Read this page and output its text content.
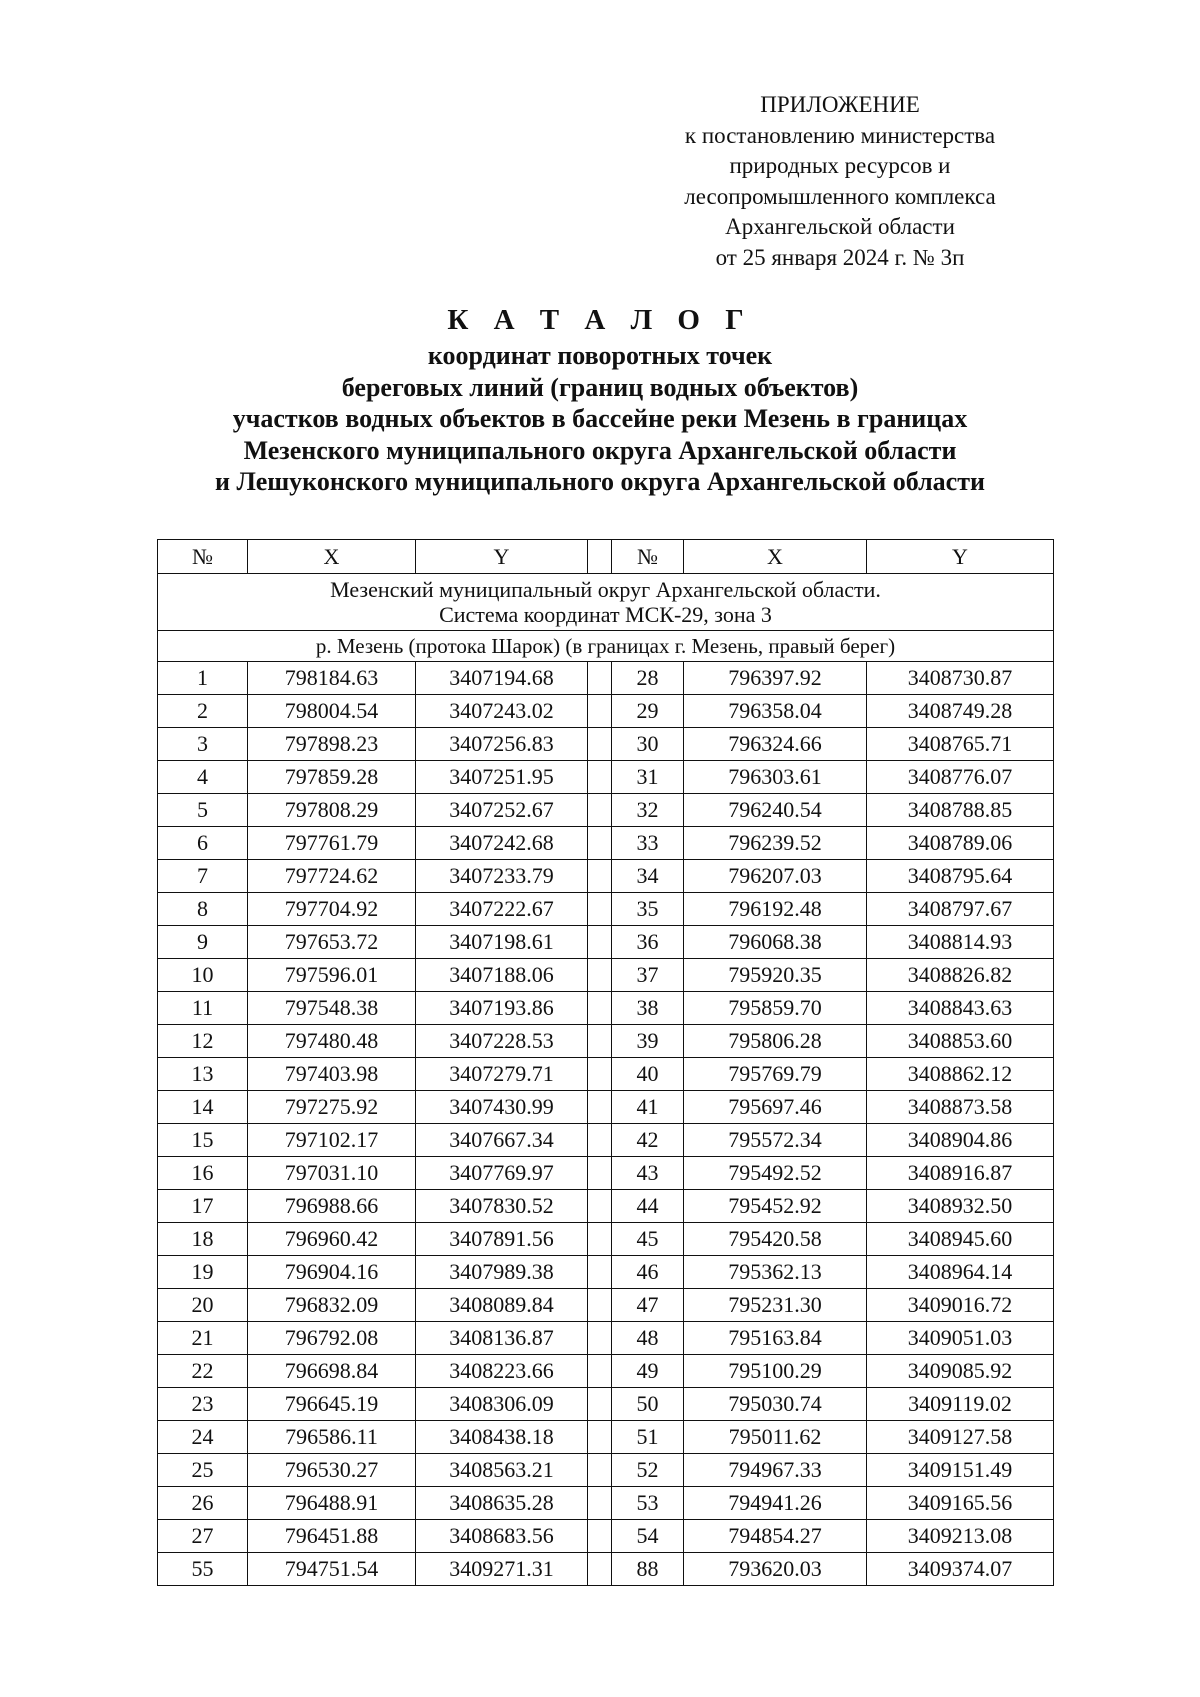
ПРИЛОЖЕНИЕ
к постановлению министерства
природных ресурсов и
лесопромышленного комплекса
Архангельской области
от 25 января 2024 г. № 3п
К А Т А Л О Г
координат поворотных точек
береговых линий (границ водных объектов)
участков водных объектов в бассейне реки Мезень в границах
Мезенского муниципального округа Архангельской области
и Лешуконского муниципального округа Архангельской области
№	X	Y		№	X	Y

Мезенский муниципальный округ Архангельской области.
Система координат МСК-29, зона 3						

р. Мезень (протока Шарок) (в границах г. Мезень, правый берег)						
1	798184.63	3407194.68		28	796397.92	3408730.87
2	798004.54	3407243.02		29	796358.04	3408749.28
3	797898.23	3407256.83		30	796324.66	3408765.71
4	797859.28	3407251.95		31	796303.61	3408776.07
5	797808.29	3407252.67		32	796240.54	3408788.85
6	797761.79	3407242.68		33	796239.52	3408789.06
7	797724.62	3407233.79		34	796207.03	3408795.64
8	797704.92	3407222.67		35	796192.48	3408797.67
9	797653.72	3407198.61		36	796068.38	3408814.93
10	797596.01	3407188.06		37	795920.35	3408826.82
11	797548.38	3407193.86		38	795859.70	3408843.63
12	797480.48	3407228.53		39	795806.28	3408853.60
13	797403.98	3407279.71		40	795769.79	3408862.12
14	797275.92	3407430.99		41	795697.46	3408873.58
15	797102.17	3407667.34		42	795572.34	3408904.86
16	797031.10	3407769.97		43	795492.52	3408916.87
17	796988.66	3407830.52		44	795452.92	3408932.50
18	796960.42	3407891.56		45	795420.58	3408945.60
19	796904.16	3407989.38		46	795362.13	3408964.14
20	796832.09	3408089.84		47	795231.30	3409016.72
21	796792.08	3408136.87		48	795163.84	3409051.03
22	796698.84	3408223.66		49	795100.29	3409085.92
23	796645.19	3408306.09		50	795030.74	3409119.02
24	796586.11	3408438.18		51	795011.62	3409127.58
25	796530.27	3408563.21		52	794967.33	3409151.49
26	796488.91	3408635.28		53	794941.26	3409165.56
27	796451.88	3408683.56		54	794854.27	3409213.08
55	794751.54	3409271.31		88	793620.03	3409374.07
